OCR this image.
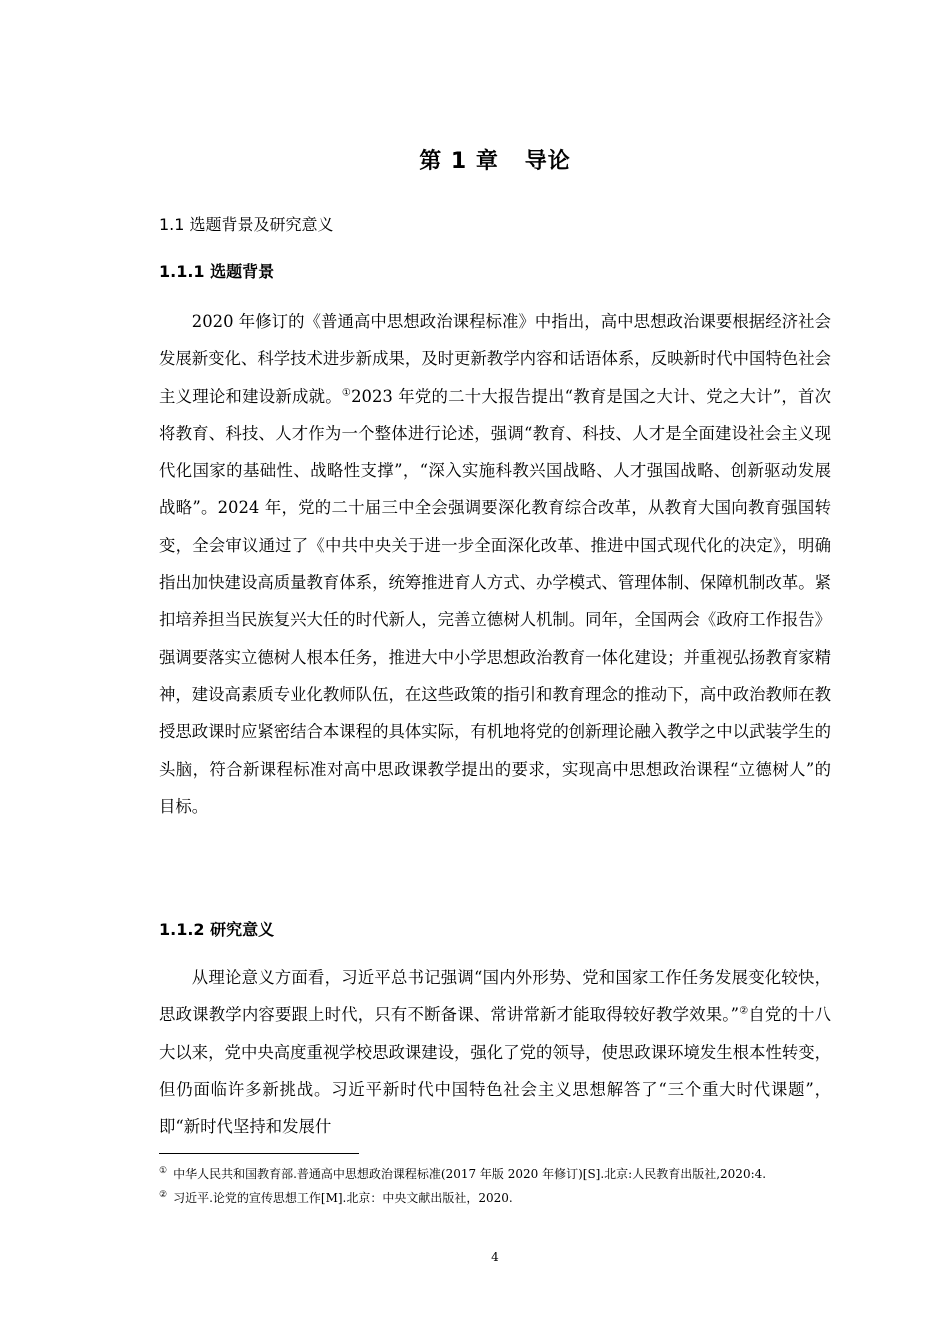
第 1 章   导论
1.1 选题背景及研究意义
1.1.1 选题背景

2020 年修订的《普通高中思想政治课程标准》中指出，高中思想政治课要根据经济社会发展新变化、科学技术进步新成果，及时更新教学内容和话语体系，反映新时代中国特色社会主义理论和建设新成就。①2023 年党的二十大报告提出“教育是国之大计、党之大计”，首次将教育、科技、人才作为一个整体进行论述，强调“教育、科技、人才是全面建设社会主义现代化国家的基础性、战略性支撑”，“深入实施科教兴国战略、人才强国战略、创新驱动发展战略”。2024 年，党的二十届三中全会强调要深化教育综合改革，从教育大国向教育强国转变，全会审议通过了《中共中央关于进一步全面深化改革、推进中国式现代化的决定》，明确指出加快建设高质量教育体系，统筹推进育人方式、办学模式、管理体制、保障机制改革。紧扣培养担当民族复兴大任的时代新人，完善立德树人机制。同年，全国两会《政府工作报告》强调要落实立德树人根本任务，推进大中小学思想政治教育一体化建设；并重视弘扬教育家精神，建设高素质专业化教师队伍，在这些政策的指引和教育理念的推动下，高中政治教师在教授思政课时应紧密结合本课程的具体实际，有机地将党的创新理论融入教学之中以武装学生的头脑，符合新课程标准对高中思政课教学提出的要求，实现高中思想政治课程“立德树人”的目标。

1.1.2 研究意义

从理论意义方面看，习近平总书记强调“国内外形势、党和国家工作任务发展变化较快，思政课教学内容要跟上时代，只有不断备课、常讲常新才能取得较好教学效果。”②自党的十八大以来，党中央高度重视学校思政课建设，强化了党的领导，使思政课环境发生根本性转变，但仍面临许多新挑战。习近平新时代中国特色社会主义思想解答了“三个重大时代课题”，即“新时代坚持和发展什

① 中华人民共和国教育部.普通高中思想政治课程标准(2017 年版 2020 年修订)[S].北京:人民教育出版社,2020:4.
② 习近平.论党的宣传思想工作[M].北京：中央文献出版社，2020.
4
